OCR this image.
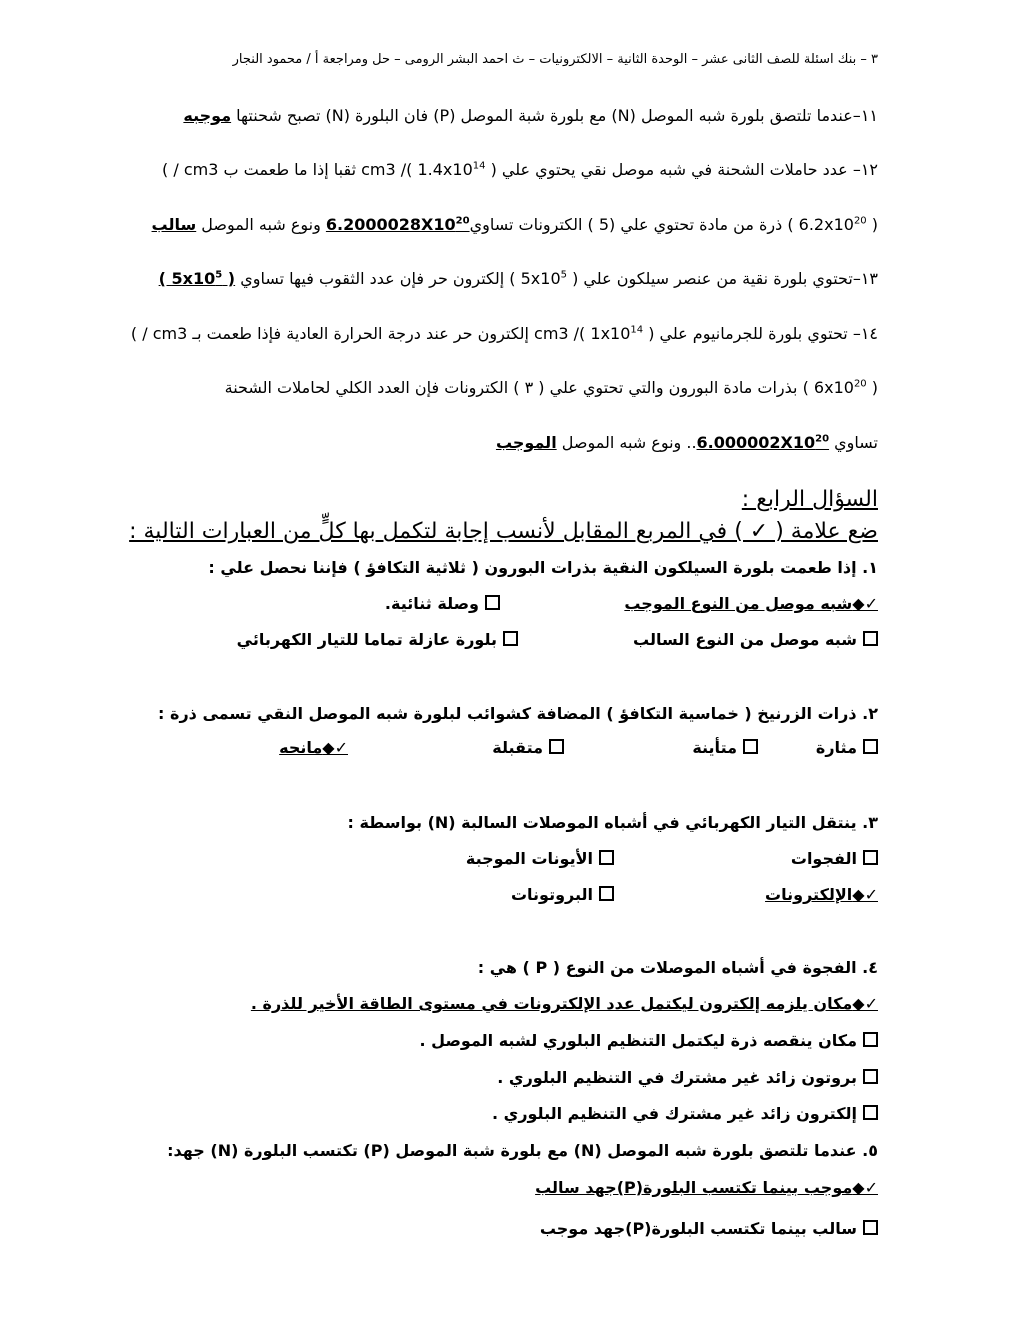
٣ – بنك اسئلة للصف الثانى عشر – الوحدة الثانية – الالكترونيات – ث احمد البشر الرومى – حل ومراجعة أ / محمود النجار
١١–عندما تلتصق بلورة شبه الموصل (N) مع بلورة شبة الموصل (P) فان البلورة (N) تصبح شحنتها موجبه
١٢– عدد حاملات الشحنة في شبه موصل نقي يحتوي علي cm3 /( $1.4x10^{14}$ ) ثقبا إذا ما طعمت ب cm3 / )
( $6.2x10^{20}$ ) ذرة من مادة تحتوي علي (5 ) الكترونات $تساوي6.2000028X10^{20}$ ونوع شبه الموصل سالب
١٣–تحتوي بلورة نقية من عنصر سيلكون علي ( $5x10^5$ ) إلكترون حر فإن عدد الثقوب فيها تساوي ( $5x10^5$ )
١٤– تحتوي بلورة للجرمانيوم علي cm3 /( $1x10^{14}$ ) إلكترون حر عند درجة الحرارة العادية فإذا طعمت بـ cm3 / )
( $6x10^{20}$ ) بذرات مادة البورون والتي تحتوي علي ( ٣ ) الكترونات فإن العدد الكلي لحاملات الشحنة
تساوي $6.000002X10^{20}$.. ونوع شبه الموصل الموجب
السؤال الرابع :
ضع علامة ( ✓ ) في المربع المقابل لأنسب إجابة لتكمل بها كلٍّ من العبارات التالية :
١. إذا طعمت بلورة السيلكون النقية بذرات البورون ( ثلاثية التكافؤ ) فإننا نحصل علي :
✓◆شبه موصل من النوع الموجب
وصلة ثنائية.
شبه موصل من النوع السالب
بلورة عازلة تماما للتيار الكهربائي
٢. ذرات الزرنيخ ( خماسية التكافؤ ) المضافة كشوائب لبلورة شبه الموصل النقي تسمى ذرة :
مثارة
متأينة
متقبلة
✓◆مانحه
٣. ينتقل التيار الكهربائي في أشباه الموصلات السالبة (N) بواسطة :
الفجوات
الأيونات الموجبة
✓◆الإلكترونات
البروتونات
٤. الفجوة في أشباه الموصلات من النوع ( P ) هي :
✓◆مكان يلزمه إلكترون ليكتمل عدد الإلكترونات في مستوى الطاقة الأخير للذرة .
مكان ينقصه ذرة ليكتمل التنظيم البلوري لشبه الموصل .
بروتون زائد غير مشترك في التنظيم البلوري .
إلكترون زائد غير مشترك في التنظيم البلوري .
٥. عندما تلتصق بلورة شبه الموصل (N) مع بلورة شبة الموصل (P) تكتسب البلورة (N) جهد:
✓◆موجب بينما تكتسب البلورة(P)جهد سالب
سالب بينما تكتسب البلورة(P)جهد موجب
